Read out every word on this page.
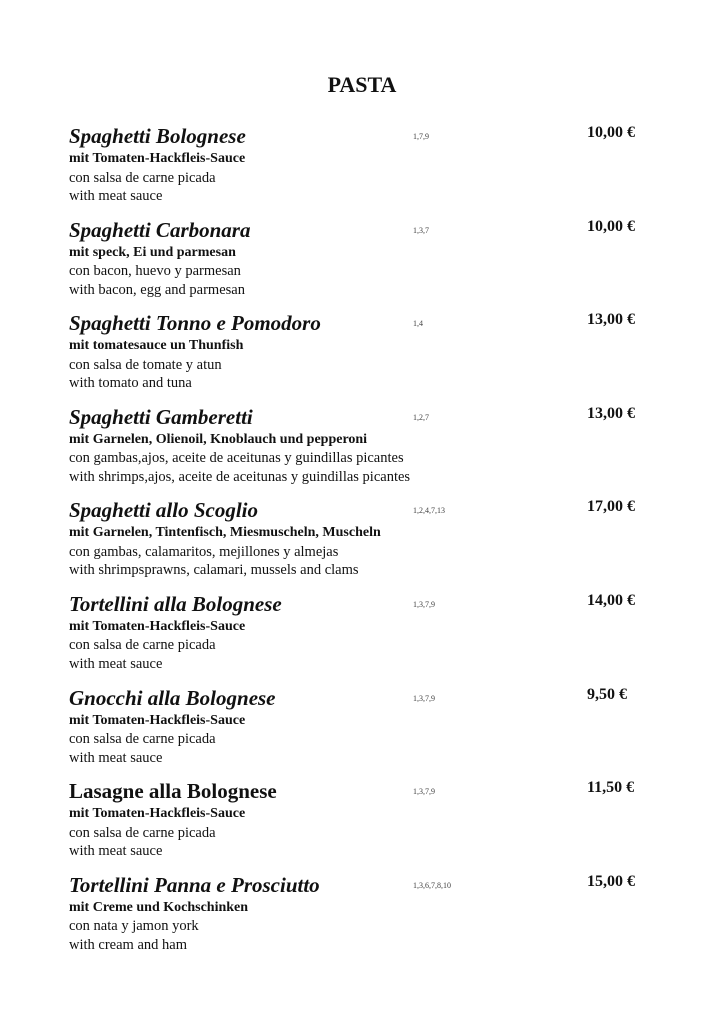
PASTA
Spaghetti Bolognese	1,7,9	10,00 €
mit Tomaten-Hackfleis-Sauce
con salsa de carne picada
with meat sauce
Spaghetti Carbonara	1,3,7	10,00 €
mit speck, Ei und parmesan
con bacon, huevo y parmesan
with bacon, egg and parmesan
Spaghetti Tonno e Pomodoro	1,4	13,00 €
mit tomatesauce un Thunfish
con salsa de tomate y atun
with tomato and tuna
Spaghetti Gamberetti	1,2,7	13,00 €
mit Garnelen, Olienoil, Knoblauch und pepperoni
con gambas,ajos, aceite de aceitunas y guindillas picantes
with shrimps,ajos, aceite de aceitunas y guindillas picantes
Spaghetti allo Scoglio	1,2,4,7,13	17,00 €
mit Garnelen, Tintenfisch, Miesmuscheln, Muscheln
con gambas, calamaritos, mejillones y almejas
with shrimpsprawns, calamari, mussels and clams
Tortellini alla Bolognese	1,3,7,9	14,00 €
mit Tomaten-Hackfleis-Sauce
con salsa de carne picada
with meat sauce
Gnocchi alla Bolognese	1,3,7,9	9,50 €
mit Tomaten-Hackfleis-Sauce
con salsa de carne picada
with meat sauce
Lasagne alla Bolognese	1,3,7,9	11,50 €
mit Tomaten-Hackfleis-Sauce
con salsa de carne picada
with meat sauce
Tortellini Panna e Prosciutto	1,3,6,7,8,10	15,00 €
mit Creme und Kochschinken
con nata y jamon york
with cream and ham
